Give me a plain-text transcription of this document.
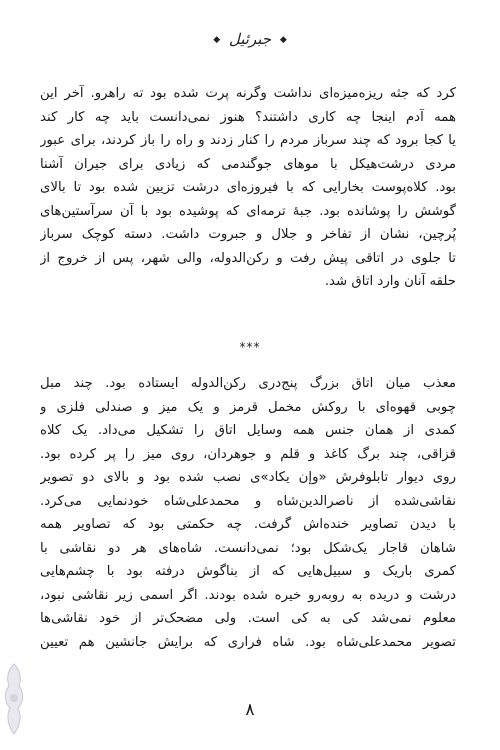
◆ جبرئیل ◆
کرد که جثه ریزه‌میزه‌ای نداشت وگرنه پرت شده بود ته راهرو. آخر این
همه آدم اینجا چه کاری داشتند؟ هنوز نمی‌دانست باید چه کار کند
یا کجا برود که چند سرباز مردم را کنار زدند و راه را باز کردند، برای عبور
مردی درشت‌هیکل با موهای جوگندمی که زیادی برای جیران آشنا
بود. کلاه‌پوست بخارایی که با فیروزه‌ای درشت تزیین شده بود تا بالای
گوشش را پوشانده بود. جبهٔ ترمه‌ای که پوشیده بود با آن سرآستین‌های
پُرچین، نشان از تفاخر و جلال و جبروت داشت. دسته کوچک سرباز
تا جلوی در اتاقی پیش رفت و رکن‌الدوله، والی شهر، پس از خروج از
حلقه آنان وارد اتاق شد.
***
معذب میان اتاق بزرگ پنج‌دری رکن‌الدوله ایستاده بود. چند مبل
چوبی قهوه‌ای با روکش مخمل قرمز و یک میز و صندلی فلزی و
کمدی از همان جنس همه وسایل اتاق را تشکیل می‌داد. یک کلاه
قزاقی، چند برگ کاغذ و قلم و جوهردان، روی میز را پر کرده بود.
روی دیوار تابلوفرش «وإن یکاد»ی نصب شده بود و بالای دو تصویر
نقاشی‌شده از ناصرالدین‌شاه و محمدعلی‌شاه خودنمایی می‌کرد.
با دیدن تصاویر خنده‌اش گرفت. چه حکمتی بود که تصاویر همه
شاهان قاجار یک‌شکل بود؛ نمی‌دانست. شاه‌های هر دو نقاشی با
کمری باریک و سبیل‌هایی که از بناگوش درفته بود با چشم‌هایی
درشت و دریده به روبه‌رو خیره شده بودند. اگر اسمی زیر نقاشی نبود،
معلوم نمی‌شد کی به کی است. ولی مضحک‌تر از خود نقاشی‌ها
تصویر محمدعلی‌شاه بود. شاه فراری که برایش جانشین هم تعیین
۸
